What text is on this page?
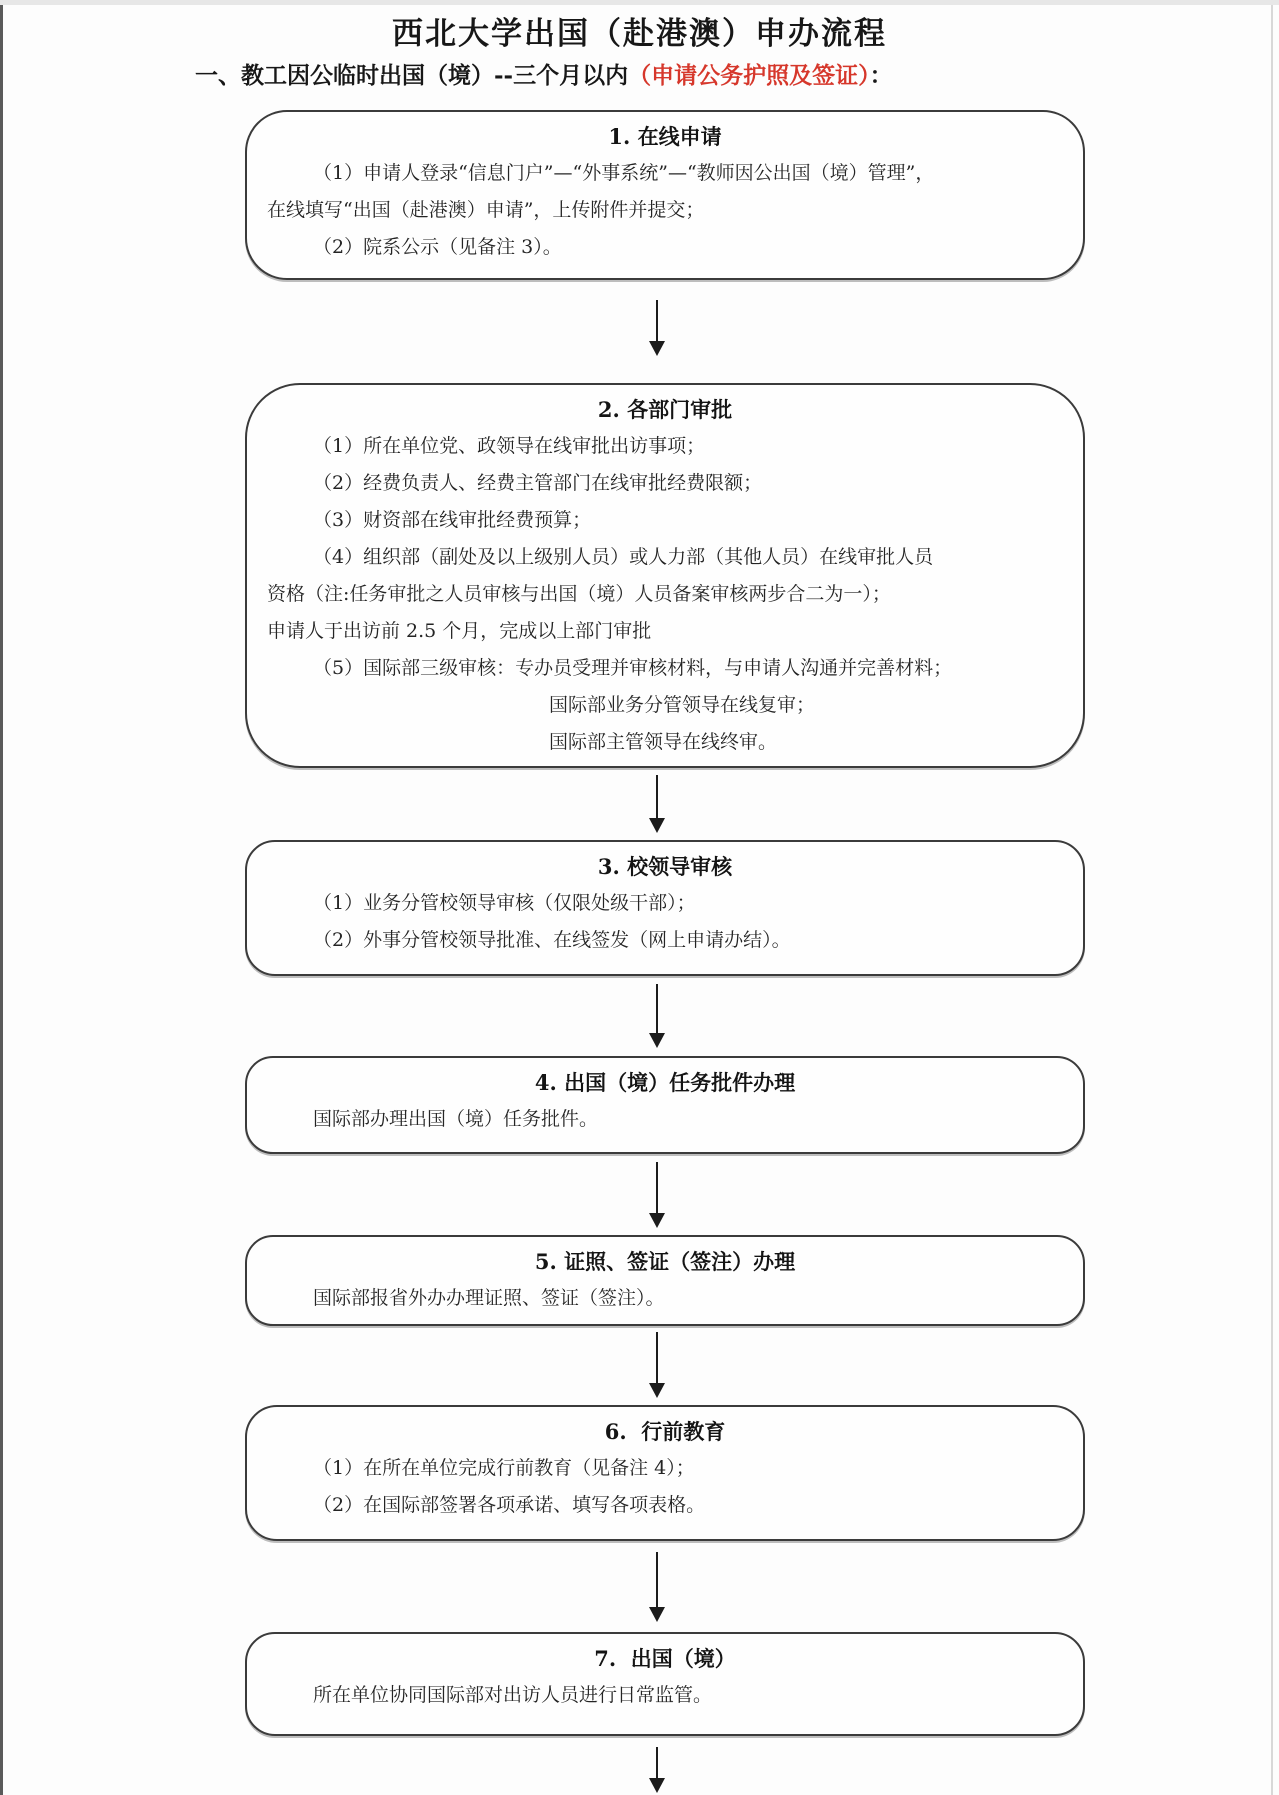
西北大学出国（赴港澳）申办流程
一、教工因公临时出国（境）--三个月以内（申请公务护照及签证）：
1. 在线申请
（1）申请人登录“信息门户”—“外事系统”—“教师因公出国（境）管理”，
在线填写“出国（赴港澳）申请”，上传附件并提交；
（2）院系公示（见备注 3）。
2. 各部门审批
（1）所在单位党、政领导在线审批出访事项；
（2）经费负责人、经费主管部门在线审批经费限额；
（3）财资部在线审批经费预算；
（4）组织部（副处及以上级别人员）或人力部（其他人员）在线审批人员
资格（注:任务审批之人员审核与出国（境）人员备案审核两步合二为一）；
申请人于出访前 2.5 个月，完成以上部门审批
（5）国际部三级审核：专办员受理并审核材料，与申请人沟通并完善材料；
国际部业务分管领导在线复审；
国际部主管领导在线终审。
3. 校领导审核
（1）业务分管校领导审核（仅限处级干部）；
（2）外事分管校领导批准、在线签发（网上申请办结）。
4. 出国（境）任务批件办理
国际部办理出国（境）任务批件。
5. 证照、签证（签注）办理
国际部报省外办办理证照、签证（签注）。
6.  行前教育
（1）在所在单位完成行前教育（见备注 4）；
（2）在国际部签署各项承诺、填写各项表格。
7.  出国（境）
所在单位协同国际部对出访人员进行日常监管。
